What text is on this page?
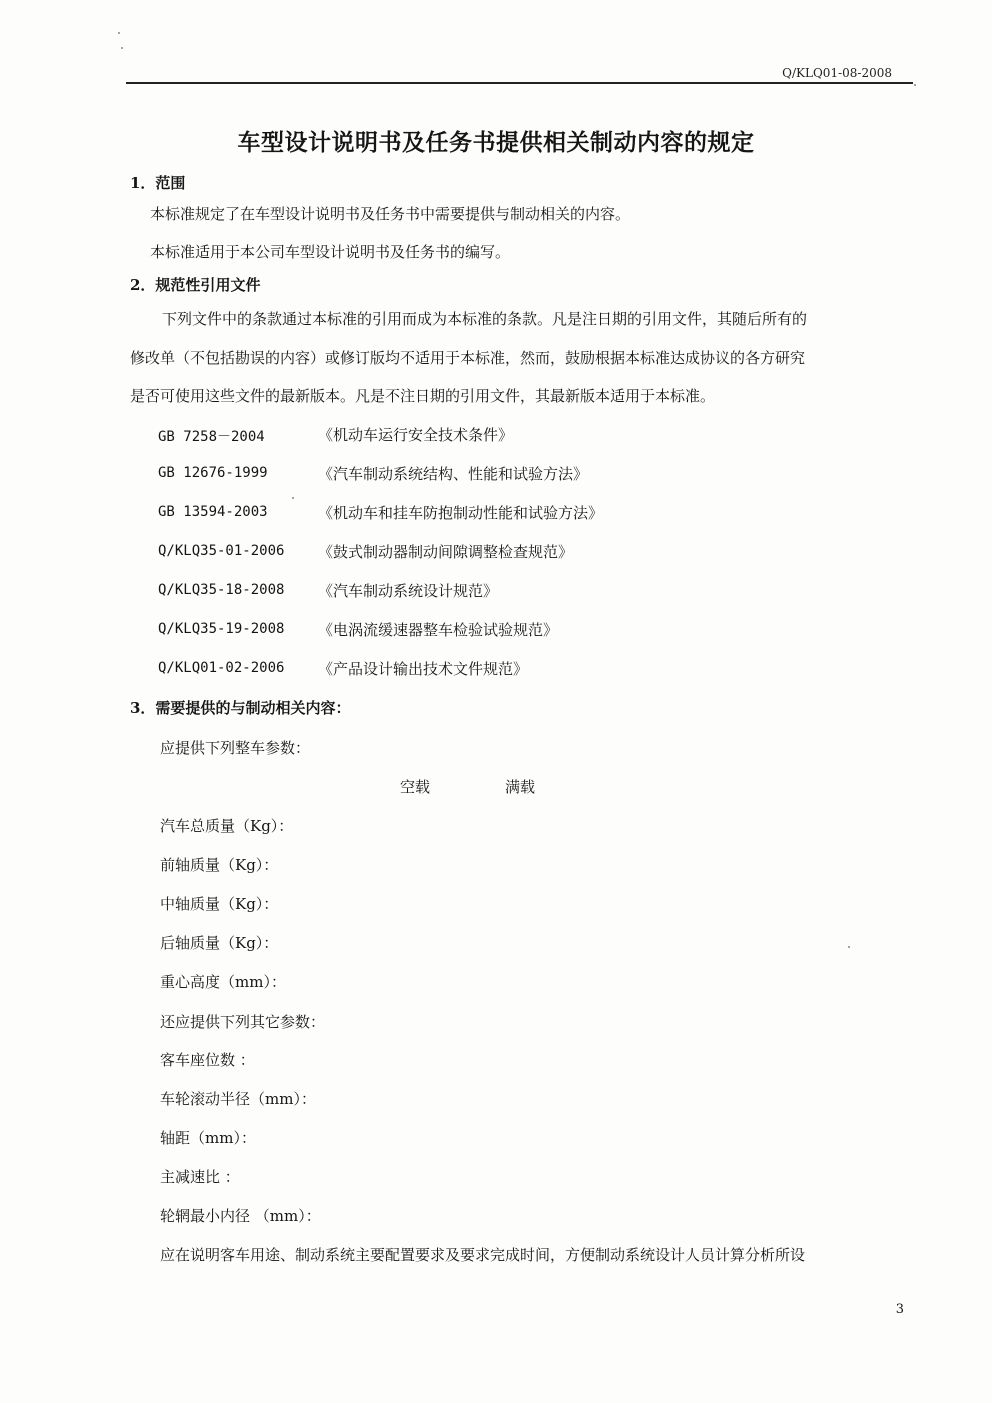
Q/KLQ01-08-2008
车型设计说明书及任务书提供相关制动内容的规定
1．范围
本标准规定了在车型设计说明书及任务书中需要提供与制动相关的内容。
本标准适用于本公司车型设计说明书及任务书的编写。
2．规范性引用文件
下列文件中的条款通过本标准的引用而成为本标准的条款。凡是注日期的引用文件，其随后所有的
修改单（不包括勘误的内容）或修订版均不适用于本标准，然而，鼓励根据本标准达成协议的各方研究
是否可使用这些文件的最新版本。凡是不注日期的引用文件，其最新版本适用于本标准。
GB 7258－2004	《机动车运行安全技术条件》
GB 12676-1999	《汽车制动系统结构、性能和试验方法》
GB 13594-2003	《机动车和挂车防抱制动性能和试验方法》
Q/KLQ35-01-2006 《鼓式制动器制动间隙调整检查规范》
Q/KLQ35-18-2008 《汽车制动系统设计规范》
Q/KLQ35-19-2008 《电涡流缓速器整车检验试验规范》
Q/KLQ01-02-2006 《产品设计输出技术文件规范》
3．需要提供的与制动相关内容：
应提供下列整车参数：
空载	满载
汽车总质量（Kg）：
前轴质量（Kg）：
中轴质量（Kg）：
后轴质量（Kg）：
重心高度（mm）：
还应提供下列其它参数：
客车座位数 ：
车轮滚动半径（mm）：
轴距（mm）：
主减速比 ：
轮辋最小内径 （mm）：
应在说明客车用途、制动系统主要配置要求及要求完成时间，方便制动系统设计人员计算分析所设
3
